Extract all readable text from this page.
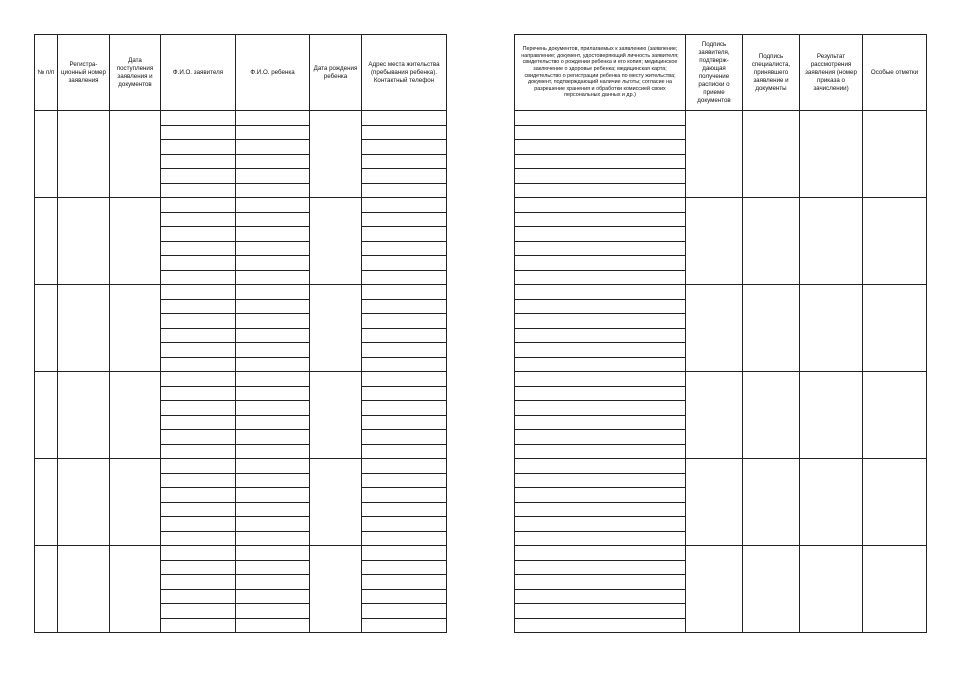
№ п/п	Регистра-ционный номер заявления	Дата поступления заявления и документов	Ф.И.О. заявителя	Ф.И.О. ребенка	Дата рождения ребенка	Адрес места жительства (пребывания ребенка). Контактный телефон

Перечень документов, прилагаемых к заявлению (заявление; направление; документ, удостоверяющий личность заявителя; свидетельство о рождении ребенка и его копия; медицинское заключение о здоровье ребенка; медицинская карта; свидетельство о регистрации ребенка по месту жительства; документ, подтверждающий наличие льготы; согласие на разрешение хранения и обработки комиссией своих персональных данных и др.)	Подпись заявителя, подтверж-дающая получение расписки о приеме документов	Подпись специалиста, принявшего заявление и документы	Результат рассмотрения заявления (номер приказа о зачислении)	Особые отметки
